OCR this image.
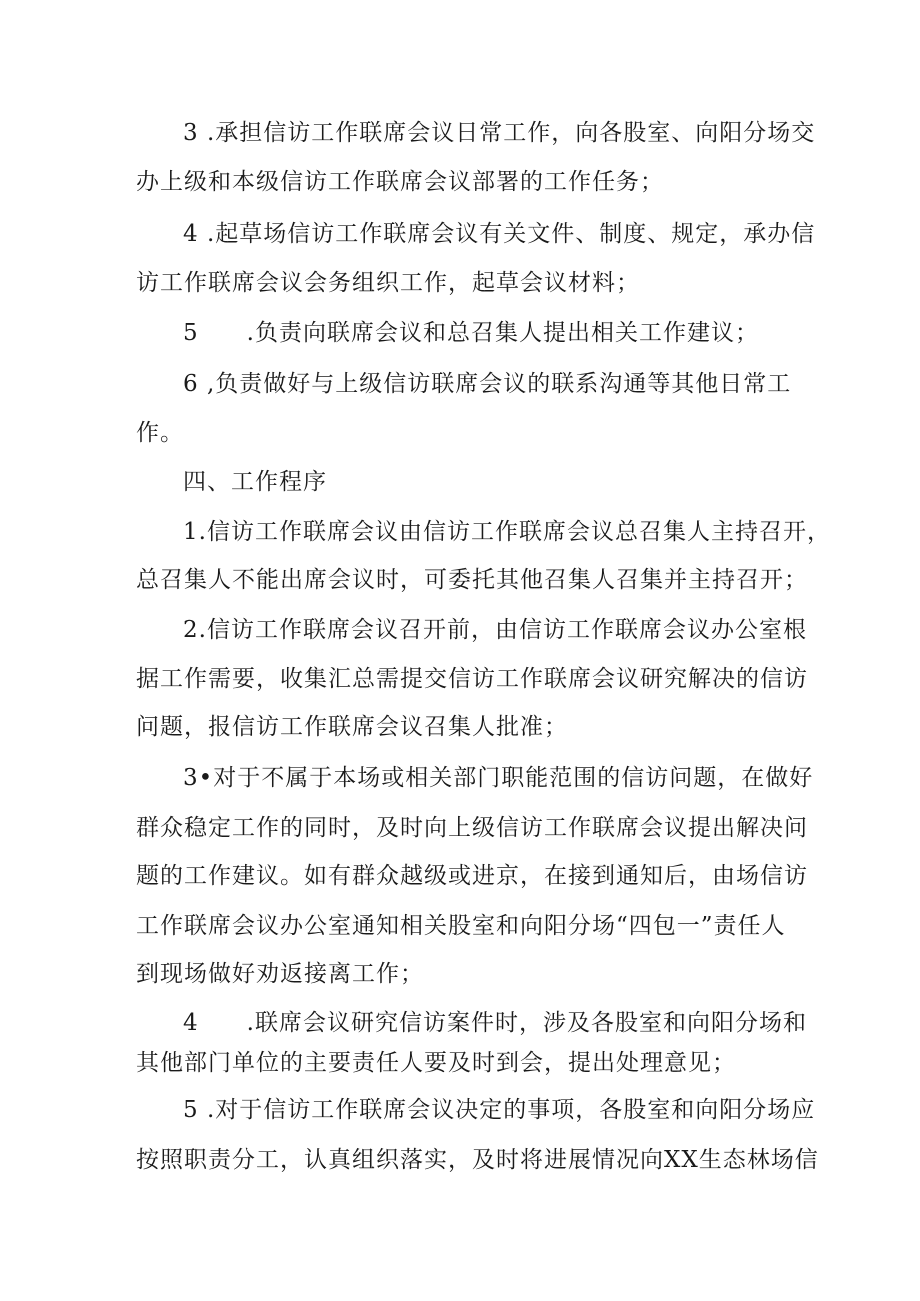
3 .承担信访工作联席会议日常工作，向各股室、向阳分场交
办上级和本级信访工作联席会议部署的工作任务；
4 .起草场信访工作联席会议有关文件、制度、规定，承办信
访工作联席会议会务组织工作，起草会议材料；
5　　.负责向联席会议和总召集人提出相关工作建议；
6 ,负责做好与上级信访联席会议的联系沟通等其他日常工
作。
四、工作程序
1.信访工作联席会议由信访工作联席会议总召集人主持召开，
总召集人不能出席会议时，可委托其他召集人召集并主持召开；
2.信访工作联席会议召开前，由信访工作联席会议办公室根
据工作需要，收集汇总需提交信访工作联席会议研究解决的信访
问题，报信访工作联席会议召集人批准；
3•对于不属于本场或相关部门职能范围的信访问题，在做好
群众稳定工作的同时，及时向上级信访工作联席会议提出解决问
题的工作建议。如有群众越级或进京，在接到通知后，由场信访
工作联席会议办公室通知相关股室和向阳分场“四包一”责任人
到现场做好劝返接离工作；
4　　.联席会议研究信访案件时，涉及各股室和向阳分场和
其他部门单位的主要责任人要及时到会，提出处理意见；
5 .对于信访工作联席会议决定的事项，各股室和向阳分场应
按照职责分工，认真组织落实，及时将进展情况向XX生态林场信
